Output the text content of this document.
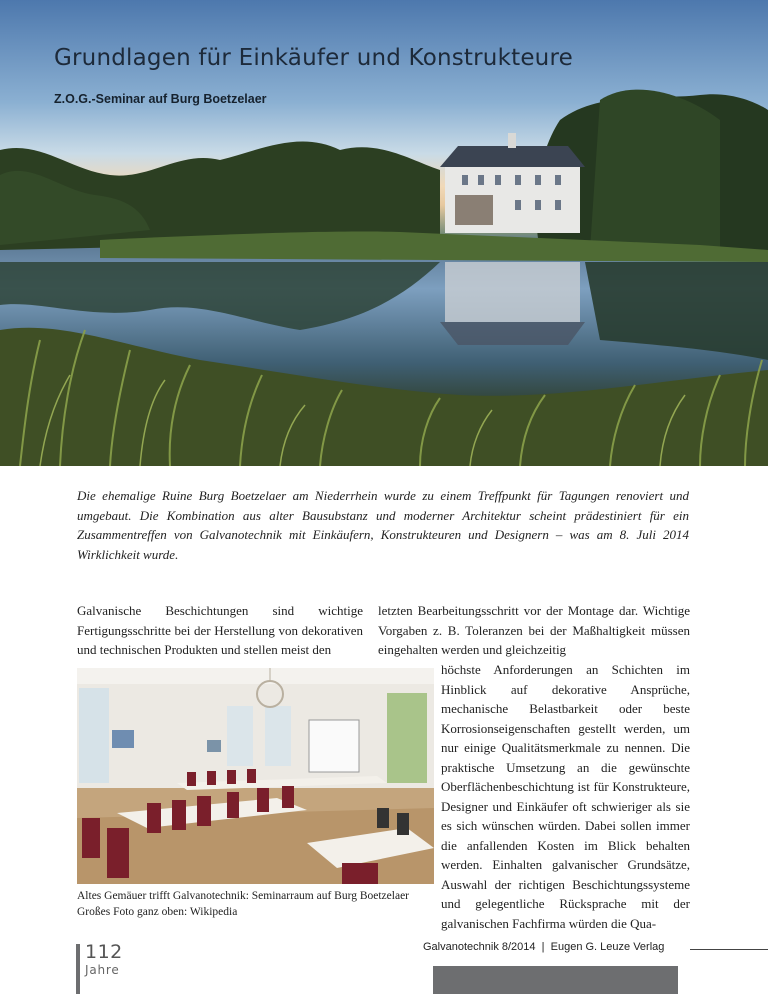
Grundlagen für Einkäufer und Konstrukteure
Z.O.G.-Seminar auf Burg Boetzelaer

Die ehemalige Ruine Burg Boetzelaer am Niederrhein wurde zu einem Treffpunkt für Tagungen renoviert und umgebaut. Die Kombination aus alter Bausubstanz und moderner Architektur scheint prädestiniert für ein Zusammentreffen von Galvanotechnik mit Einkäufern, Konstrukteuren und Designern – was am 8. Juli 2014 Wirklichkeit wurde.

Galvanische Beschichtungen sind wichtige Fertigungsschritte bei der Herstellung von dekorativen und technischen Produkten und stellen meist den

letzten Bearbeitungsschritt vor der Montage dar. Wichtige Vorgaben z. B. Toleranzen bei der Maßhaltigkeit müssen eingehalten werden und gleichzeitig

höchste Anforderungen an Schichten im Hinblick auf dekorative Ansprüche, mechanische Belastbarkeit oder beste Korrosionseigenschaften gestellt werden, um nur einige Qualitätsmerkmale zu nennen. Die praktische Umsetzung an die gewünschte Oberflächenbeschichtung ist für Konstrukteure, Designer und Einkäufer oft schwieriger als sie es sich wünschen würden. Dabei sollen immer die anfallenden Kosten im Blick behalten werden. Einhalten galvanischer Grundsätze, Auswahl der richtigen Beschichtungssysteme und gelegentliche Rücksprache mit der galvanischen Fachfirma würden die Qua-

Altes Gemäuer trifft Galvanotechnik: Seminarraum auf Burg Boetzelaer
Großes Foto ganz oben: Wikipedia

112
Jahre
Galvanotechnik 8/2014 | Eugen G. Leuze Verlag
